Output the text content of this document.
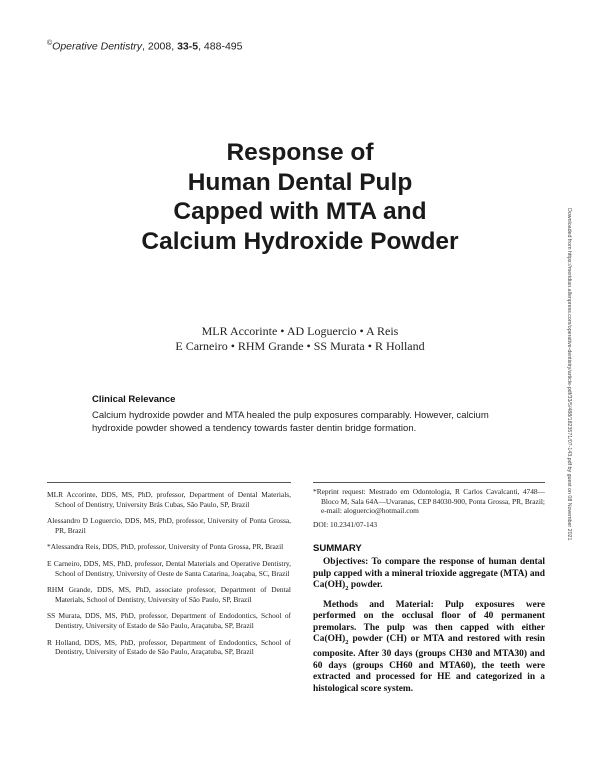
©Operative Dentistry, 2008, 33-5, 488-495
Response of
Human Dental Pulp
Capped with MTA and
Calcium Hydroxide Powder
MLR Accorinte • AD Loguercio • A Reis
E Carneiro • RHM Grande • SS Murata • R Holland
Clinical Relevance
Calcium hydroxide powder and MTA healed the pulp exposures comparably. However, calcium hydroxide powder showed a tendency towards faster dentin bridge formation.

MLR Accorinte, DDS, MS, PhD, professor, Department of Dental Materials, School of Dentistry, University Brás Cubas, São Paulo, SP, Brazil

Alessandro D Loguercio, DDS, MS, PhD, professor, University of Ponta Grossa, PR, Brazil

*Alessandra Reis, DDS, PhD, professor, University of Ponta Grossa, PR, Brazil

E Carneiro, DDS, MS, PhD, professor, Dental Materials and Operative Dentistry, School of Dentistry, University of Oeste de Santa Catarina, Joaçaba, SC, Brazil

RHM Grande, DDS, MS, PhD, associate professor, Department of Dental Materials, School of Dentistry, University of São Paulo, SP, Brazil

SS Murata, DDS, MS, PhD, professor, Department of Endodontics, School of Dentistry, University of Estado de São Paulo, Araçatuba, SP, Brazil

R Holland, DDS, MS, PhD, professor, Department of Endodontics, School of Dentistry, University of Estado de São Paulo, Araçatuba, SP, Brazil

*Reprint request: Mestrado em Odontologia, R Carlos Cavalcanti, 4748—Bloco M, Sala 64A—Uvaranas, CEP 84030-900, Ponta Grossa, PR, Brazil; e-mail: aloguercio@hotmail.com

DOI: 10.2341/07-143

SUMMARY

Objectives: To compare the response of human dental pulp capped with a mineral trioxide aggregate (MTA) and $Ca(OH)_2$ powder.

Methods and Material: Pulp exposures were performed on the occlusal floor of 40 permanent premolars. The pulp was then capped with either $Ca(OH)_2$ powder (CH) or MTA and restored with resin composite. After 30 days (groups CH30 and MTA30) and 60 days (groups CH60 and MTA60), the teeth were extracted and processed for HE and categorized in a histological score system.

Downloaded from https://meridian.allenpress.com/operative-dentistry/article-pdf/33/5/488/1823571/07-143.pdf by guest on 08 November 2021
